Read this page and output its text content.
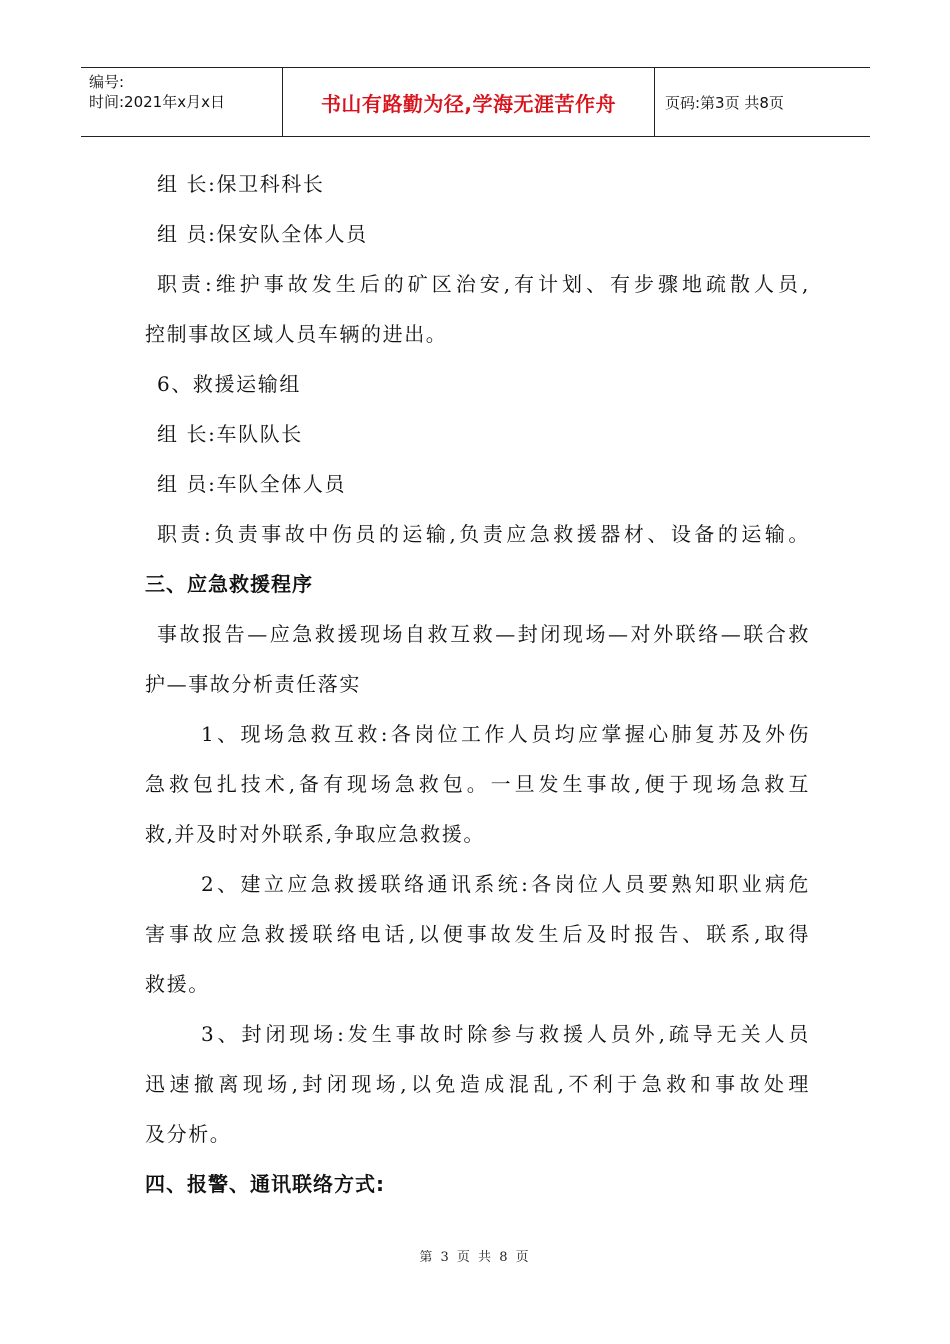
编号:
时间:2021年x月x日	书山有路勤为径,学海无涯苦作舟	页码:第3页 共8页
组 长:保卫科科长
组 员:保安队全体人员
职责:维护事故发生后的矿区治安,有计划、有步骤地疏散人员,
控制事故区域人员车辆的进出。
6、救援运输组
组 长:车队队长
组 员:车队全体人员
职责:负责事故中伤员的运输,负责应急救援器材、设备的运输。
三、应急救援程序
事故报告—应急救援现场自救互救—封闭现场—对外联络—联合救
护—事故分析责任落实
1、现场急救互救:各岗位工作人员均应掌握心肺复苏及外伤
急救包扎技术,备有现场急救包。一旦发生事故,便于现场急救互
救,并及时对外联系,争取应急救援。
2、建立应急救援联络通讯系统:各岗位人员要熟知职业病危
害事故应急救援联络电话,以便事故发生后及时报告、联系,取得
救援。
3、封闭现场:发生事故时除参与救援人员外,疏导无关人员
迅速撤离现场,封闭现场,以免造成混乱,不利于急救和事故处理
及分析。
四、报警、通讯联络方式:
第 3 页 共 8 页
